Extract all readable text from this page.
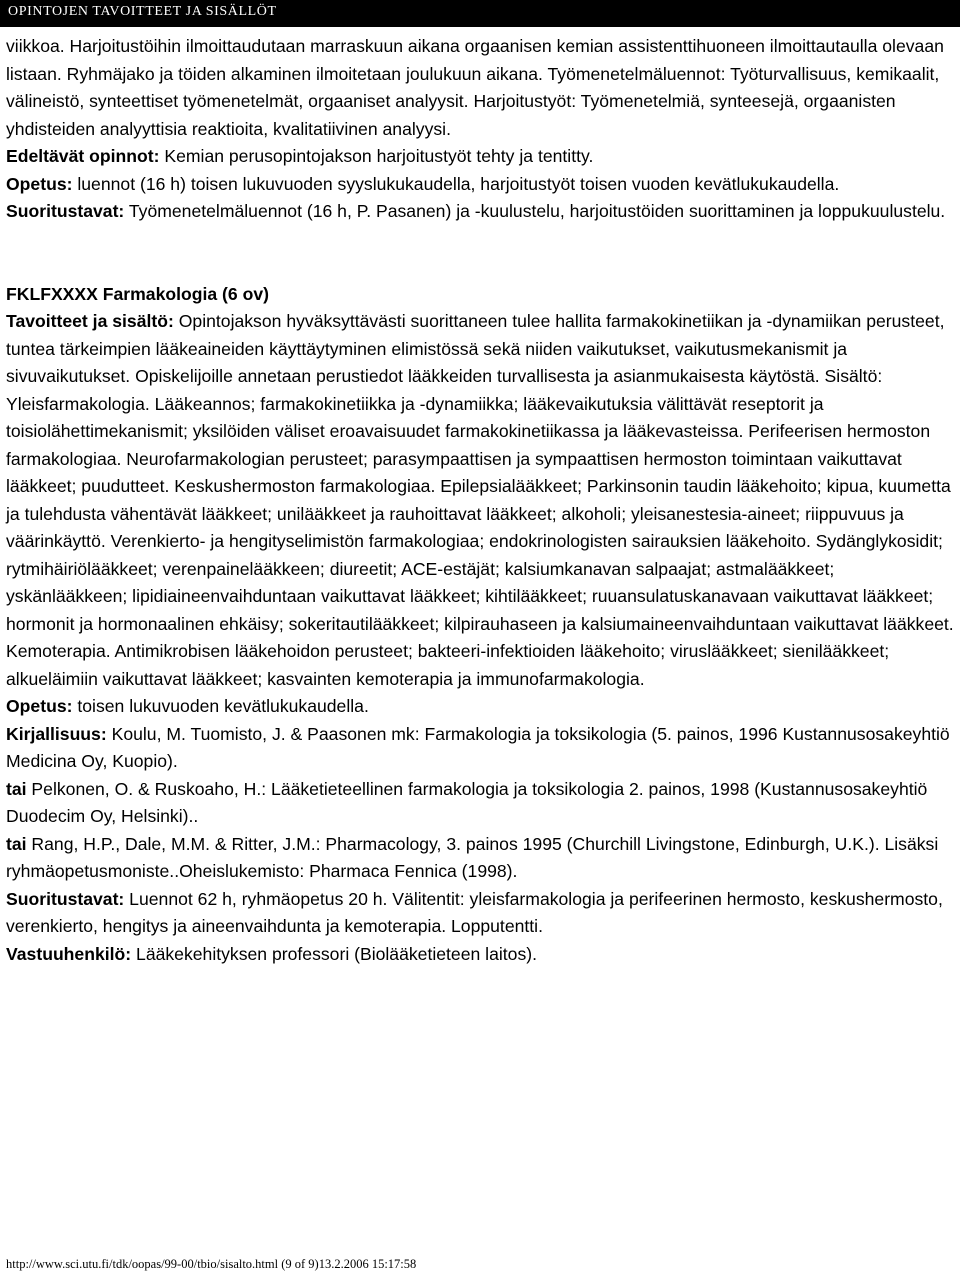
OPINTOJEN TAVOITTEET JA SISÄLLÖT

viikkoa. Harjoitustöihin ilmoittaudutaan marraskuun aikana orgaanisen kemian assistenttihuoneen ilmoittautaulla olevaan listaan. Ryhmäjako ja töiden alkaminen ilmoitetaan joulukuun aikana. Työmenetelmäluennot: Työturvallisuus, kemikaalit, välineistö, synteettiset työmenetelmät, orgaaniset analyysit. Harjoitustyöt: Työmenetelmiä, synteesejä, orgaanisten yhdisteiden analyyttisia reaktioita, kvalitatiivinen analyysi.

Edeltävät opinnot: Kemian perusopintojakson harjoitustyöt tehty ja tentitty.

Opetus: luennot (16 h) toisen lukuvuoden syyslukukaudella, harjoitustyöt toisen vuoden kevätlukukaudella.

Suoritustavat: Työmenetelmäluennot (16 h, P. Pasanen) ja -kuulustelu, harjoitustöiden suorittaminen ja loppukuulustelu.

FKLFXXXX Farmakologia (6 ov)

Tavoitteet ja sisältö: Opintojakson hyväksyttävästi suorittaneen tulee hallita farmakokinetiikan ja -dynamiikan perusteet, tuntea tärkeimpien lääkeaineiden käyttäytyminen elimistössä sekä niiden vaikutukset, vaikutusmekanismit ja sivuvaikutukset. Opiskelijoille annetaan perustiedot lääkkeiden turvallisesta ja asianmukaisesta käytöstä. Sisältö: Yleisfarmakologia. Lääkeannos; farmakokinetiikka ja -dynamiikka; lääkevaikutuksia välittävät reseptorit ja toisiolähettimekanismit; yksilöiden väliset eroavaisuudet farmakokinetiikassa ja lääkevasteissa. Perifeerisen hermoston farmakologiaa. Neurofarmakologian perusteet; parasympaattisen ja sympaattisen hermoston toimintaan vaikuttavat lääkkeet; puudutteet. Keskushermoston farmakologiaa. Epilepsialääkkeet; Parkinsonin taudin lääkehoito; kipua, kuumetta ja tulehdusta vähentävät lääkkeet; unilääkkeet ja rauhoittavat lääkkeet; alkoholi; yleisanestesia-aineet; riippuvuus ja väärinkäyttö. Verenkierto- ja hengityselimistön farmakologiaa; endokrinologisten sairauksien lääkehoito. Sydänglykosidit; rytmihäiriölääkkeet; verenpainelääkkeen; diureetit; ACE-estäjät; kalsiumkanavan salpaajat; astmalääkkeet; yskänlääkkeen; lipidiaineenvaihduntaan vaikuttavat lääkkeet; kihtilääkkeet; ruuansulatuskanavaan vaikuttavat lääkkeet; hormonit ja hormonaalinen ehkäisy; sokeritautilääkkeet; kilpirauhaseen ja kalsiumaineenvaihduntaan vaikuttavat lääkkeet. Kemoterapia. Antimikrobisen lääkehoidon perusteet; bakteeri-infektioiden lääkehoito; viruslääkkeet; sienilääkkeet; alkueläimiin vaikuttavat lääkkeet; kasvainten kemoterapia ja immunofarmakologia.

Opetus: toisen lukuvuoden kevätlukukaudella.

Kirjallisuus: Koulu, M. Tuomisto, J. & Paasonen mk: Farmakologia ja toksikologia (5. painos, 1996 Kustannusosakeyhtiö Medicina Oy, Kuopio).

tai Pelkonen, O. & Ruskoaho, H.: Lääketieteellinen farmakologia ja toksikologia 2. painos, 1998 (Kustannusosakeyhtiö Duodecim Oy, Helsinki)..

tai Rang, H.P., Dale, M.M. & Ritter, J.M.: Pharmacology, 3. painos 1995 (Churchill Livingstone, Edinburgh, U.K.). Lisäksi ryhmäopetusmoniste..Oheislukemisto: Pharmaca Fennica (1998).

Suoritustavat: Luennot 62 h, ryhmäopetus 20 h. Välitentit: yleisfarmakologia ja perifeerinen hermosto, keskushermosto, verenkierto, hengitys ja aineenvaihdunta ja kemoterapia. Lopputentti.

Vastuuhenkilö: Lääkekehityksen professori (Biolääketieteen laitos).

http://www.sci.utu.fi/tdk/oopas/99-00/tbio/sisalto.html (9 of 9)13.2.2006 15:17:58
